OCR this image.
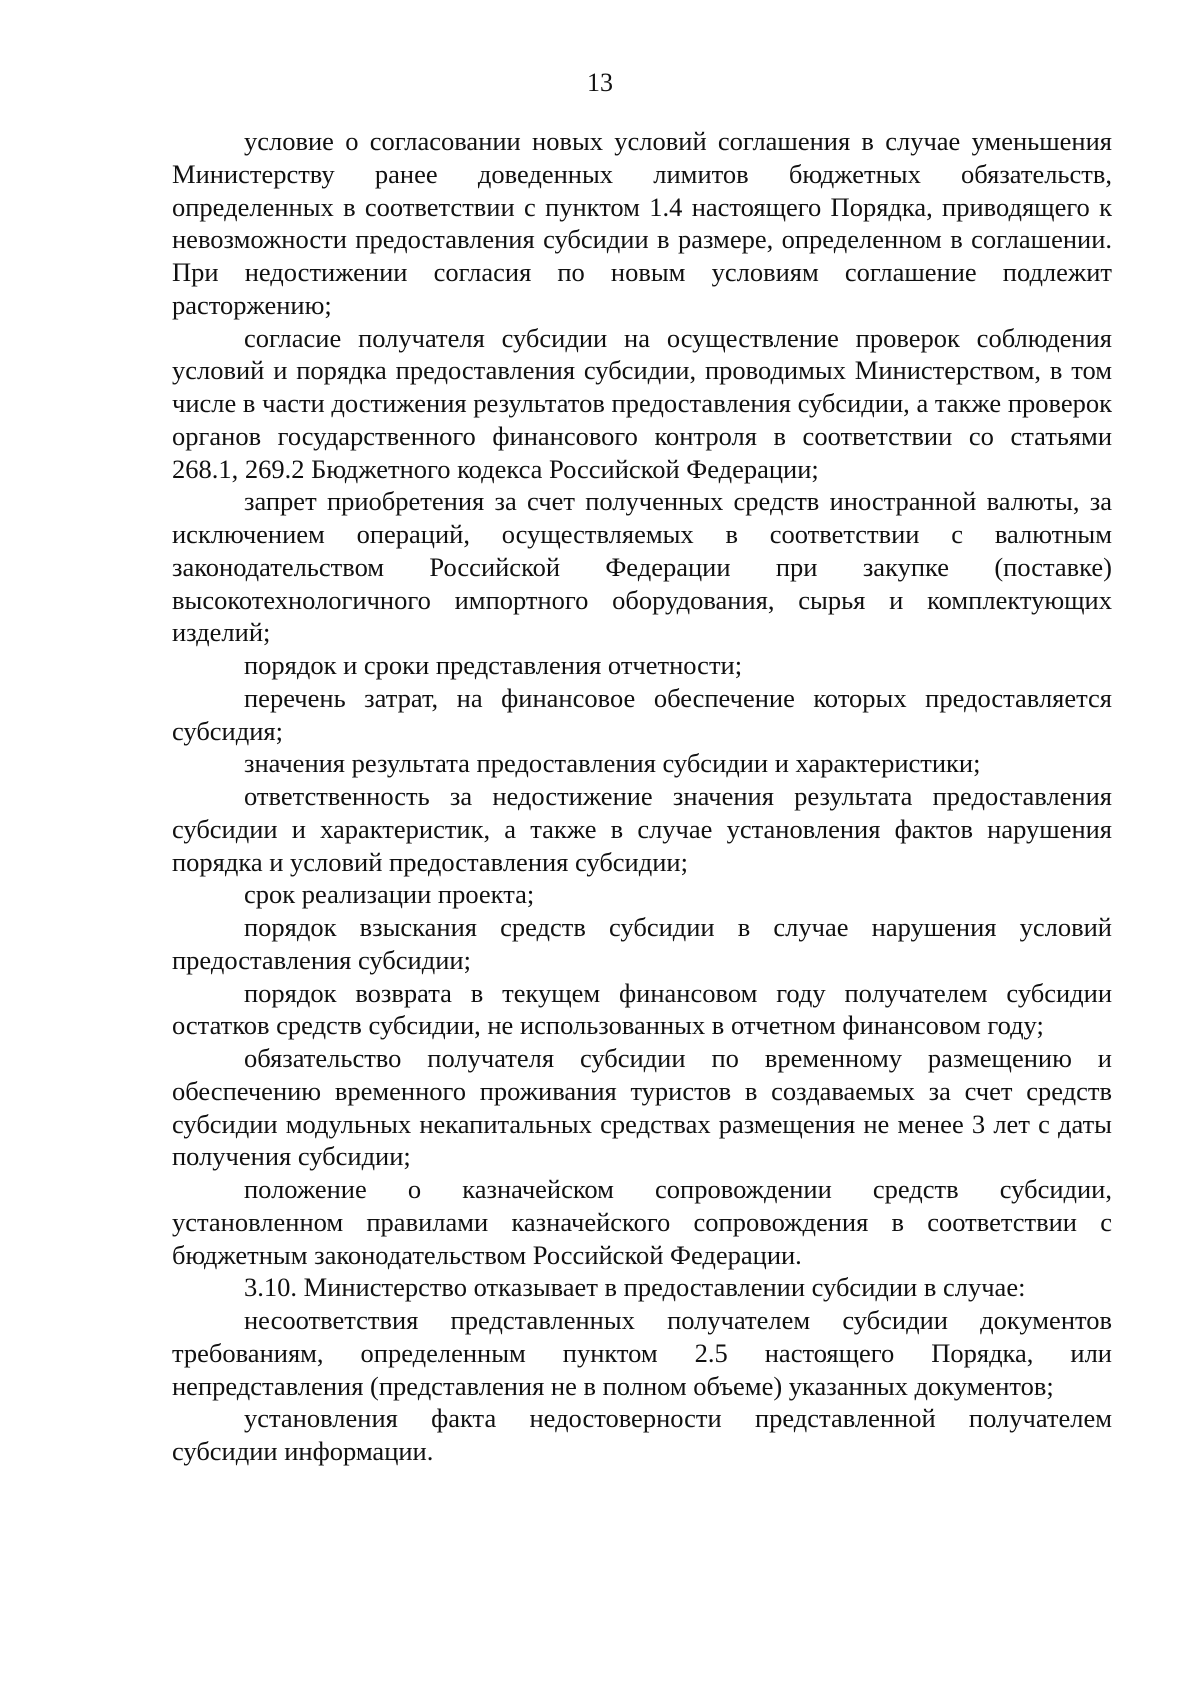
13

условие о согласовании новых условий соглашения в случае уменьшения Министерству ранее доведенных лимитов бюджетных обязательств, определенных в соответствии с пунктом 1.4 настоящего Порядка, приводящего к невозможности предоставления субсидии в размере, определенном в соглашении. При недостижении согласия по новым условиям соглашение подлежит расторжению;

согласие получателя субсидии на осуществление проверок соблюдения условий и порядка предоставления субсидии, проводимых Министерством, в том числе в части достижения результатов предоставления субсидии, а также проверок органов государственного финансового контроля в соответствии со статьями 268.1, 269.2 Бюджетного кодекса Российской Федерации;

запрет приобретения за счет полученных средств иностранной валюты, за исключением операций, осуществляемых в соответствии с валютным законодательством Российской Федерации при закупке (поставке) высокотехнологичного импортного оборудования, сырья и комплектующих изделий;

порядок и сроки представления отчетности;

перечень затрат, на финансовое обеспечение которых предоставляется субсидия;

значения результата предоставления субсидии и характеристики;

ответственность за недостижение значения результата предоставления субсидии и характеристик, а также в случае установления фактов нарушения порядка и условий предоставления субсидии;

срок реализации проекта;

порядок взыскания средств субсидии в случае нарушения условий предоставления субсидии;

порядок возврата в текущем финансовом году получателем субсидии остатков средств субсидии, не использованных в отчетном финансовом году;

обязательство получателя субсидии по временному размещению и обеспечению временного проживания туристов в создаваемых за счет средств субсидии модульных некапитальных средствах размещения не менее 3 лет с даты получения субсидии;

положение о казначейском сопровождении средств субсидии, установленном правилами казначейского сопровождения в соответствии с бюджетным законодательством Российской Федерации.

3.10. Министерство отказывает в предоставлении субсидии в случае:

несоответствия представленных получателем субсидии документов требованиям, определенным пунктом 2.5 настоящего Порядка, или непредставления (представления не в полном объеме) указанных документов;

установления факта недостоверности представленной получателем субсидии информации.
